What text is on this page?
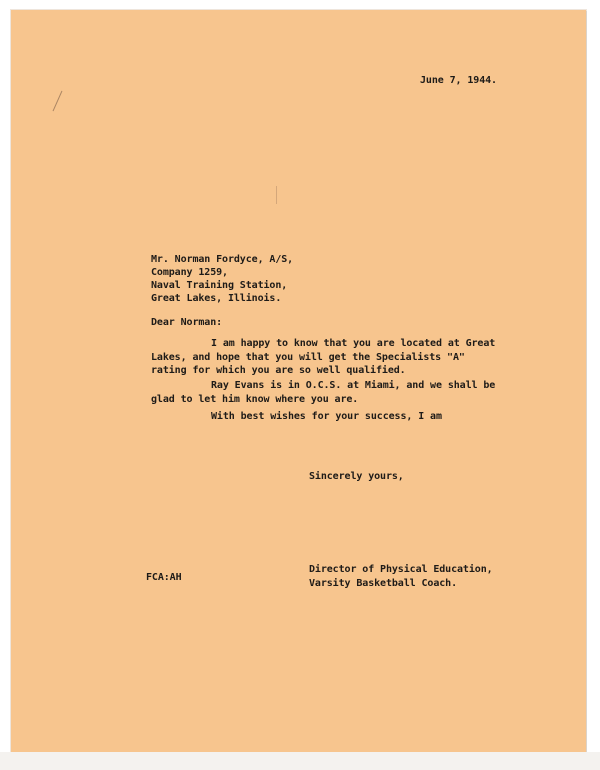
June 7, 1944.
Mr. Norman Fordyce, A/S,
Company 1259,
Naval Training Station,
Great Lakes, Illinois.
Dear Norman:
I am happy to know that you are located at Great
Lakes, and hope that you will get the Specialists "A"
rating for which you are so well qualified.
Ray Evans is in O.C.S. at Miami, and we shall be
glad to let him know where you are.
With best wishes for your success, I am
Sincerely yours,
FCA:AH
Director of Physical Education,
Varsity Basketball Coach.
